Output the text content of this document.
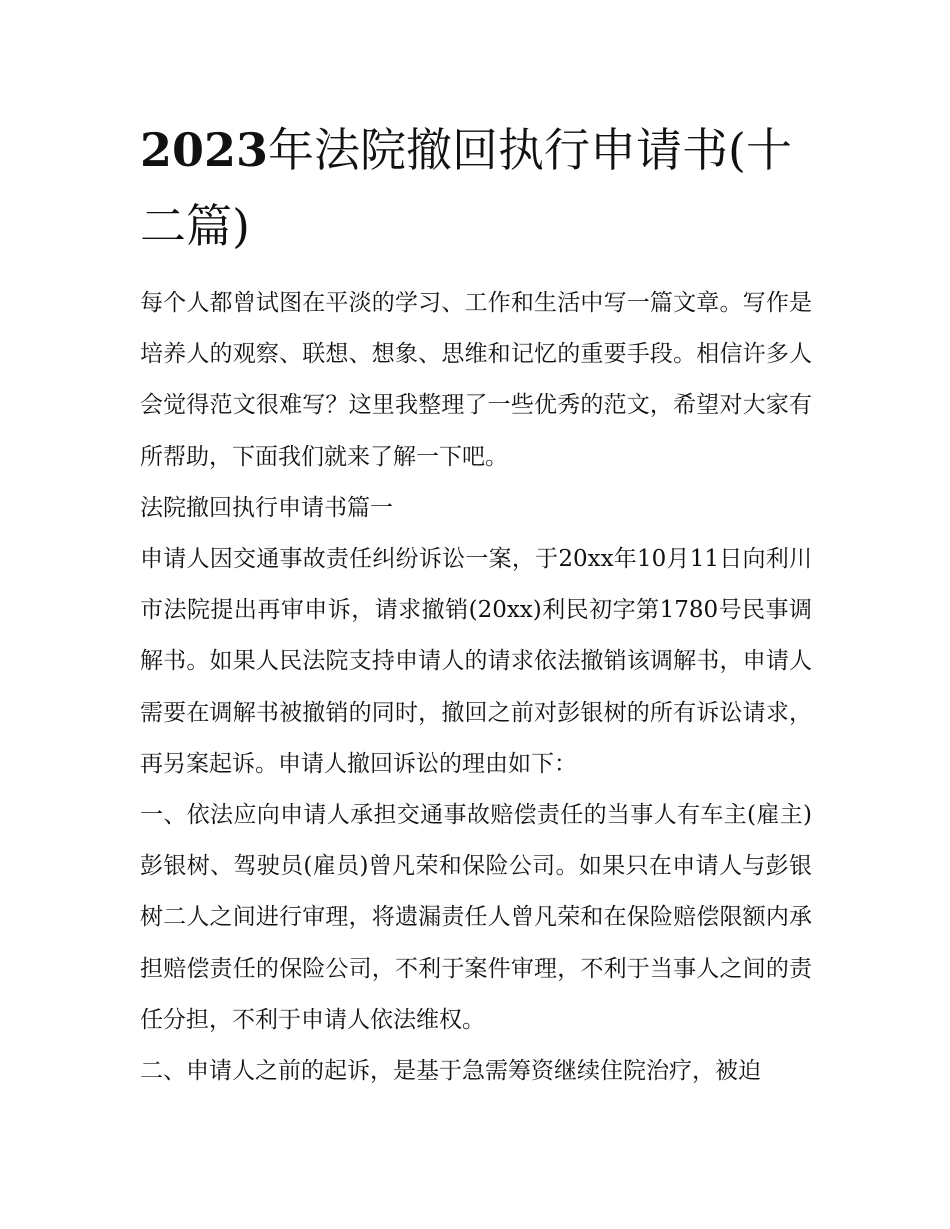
2023年法院撤回执行申请书(十二篇)

每个人都曾试图在平淡的学习、工作和生活中写一篇文章。写作是培养人的观察、联想、想象、思维和记忆的重要手段。相信许多人会觉得范文很难写？这里我整理了一些优秀的范文，希望对大家有所帮助，下面我们就来了解一下吧。

法院撤回执行申请书篇一

申请人因交通事故责任纠纷诉讼一案，于20xx年10月11日向利川市法院提出再审申诉，请求撤销(20xx)利民初字第1780号民事调解书。如果人民法院支持申请人的请求依法撤销该调解书，申请人需要在调解书被撤销的同时，撤回之前对彭银树的所有诉讼请求，再另案起诉。申请人撤回诉讼的理由如下：

一、依法应向申请人承担交通事故赔偿责任的当事人有车主(雇主)彭银树、驾驶员(雇员)曾凡荣和保险公司。如果只在申请人与彭银树二人之间进行审理，将遗漏责任人曾凡荣和在保险赔偿限额内承担赔偿责任的保险公司，不利于案件审理，不利于当事人之间的责任分担，不利于申请人依法维权。

二、申请人之前的起诉，是基于急需筹资继续住院治疗，被迫
